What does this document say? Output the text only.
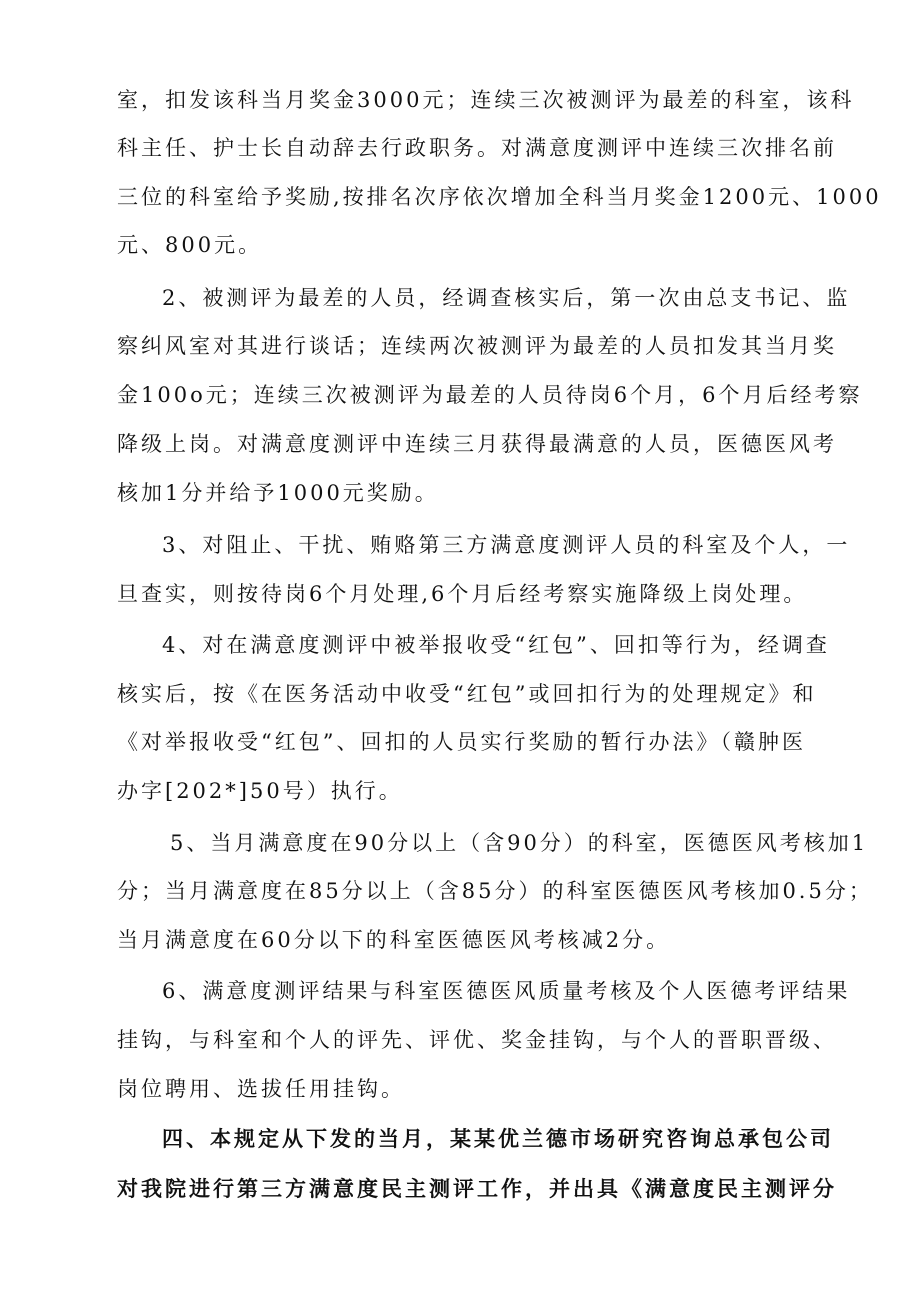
室，扣发该科当月奖金3000元；连续三次被测评为最差的科室，该科
科主任、护士长自动辞去行政职务。对满意度测评中连续三次排名前
三位的科室给予奖励,按排名次序依次增加全科当月奖金1200元、1000
元、800元。
2、被测评为最差的人员，经调查核实后，第一次由总支书记、监
察纠风室对其进行谈话；连续两次被测评为最差的人员扣发其当月奖
金100o元；连续三次被测评为最差的人员待岗6个月，6个月后经考察
降级上岗。对满意度测评中连续三月获得最满意的人员，医德医风考
核加1分并给予1000元奖励。
3、对阻止、干扰、贿赂第三方满意度测评人员的科室及个人，一
旦查实，则按待岗6个月处理,6个月后经考察实施降级上岗处理。
4、对在满意度测评中被举报收受“红包”、回扣等行为，经调查
核实后，按《在医务活动中收受“红包”或回扣行为的处理规定》和
《对举报收受“红包”、回扣的人员实行奖励的暂行办法》（赣肿医
办字[202*]50号）执行。
5、当月满意度在90分以上（含90分）的科室，医德医风考核加1
分；当月满意度在85分以上（含85分）的科室医德医风考核加0.5分；
当月满意度在60分以下的科室医德医风考核减2分。
6、满意度测评结果与科室医德医风质量考核及个人医德考评结果
挂钩，与科室和个人的评先、评优、奖金挂钩，与个人的晋职晋级、
岗位聘用、选拔任用挂钩。
四、本规定从下发的当月，某某优兰德市场研究咨询总承包公司
对我院进行第三方满意度民主测评工作，并出具《满意度民主测评分
